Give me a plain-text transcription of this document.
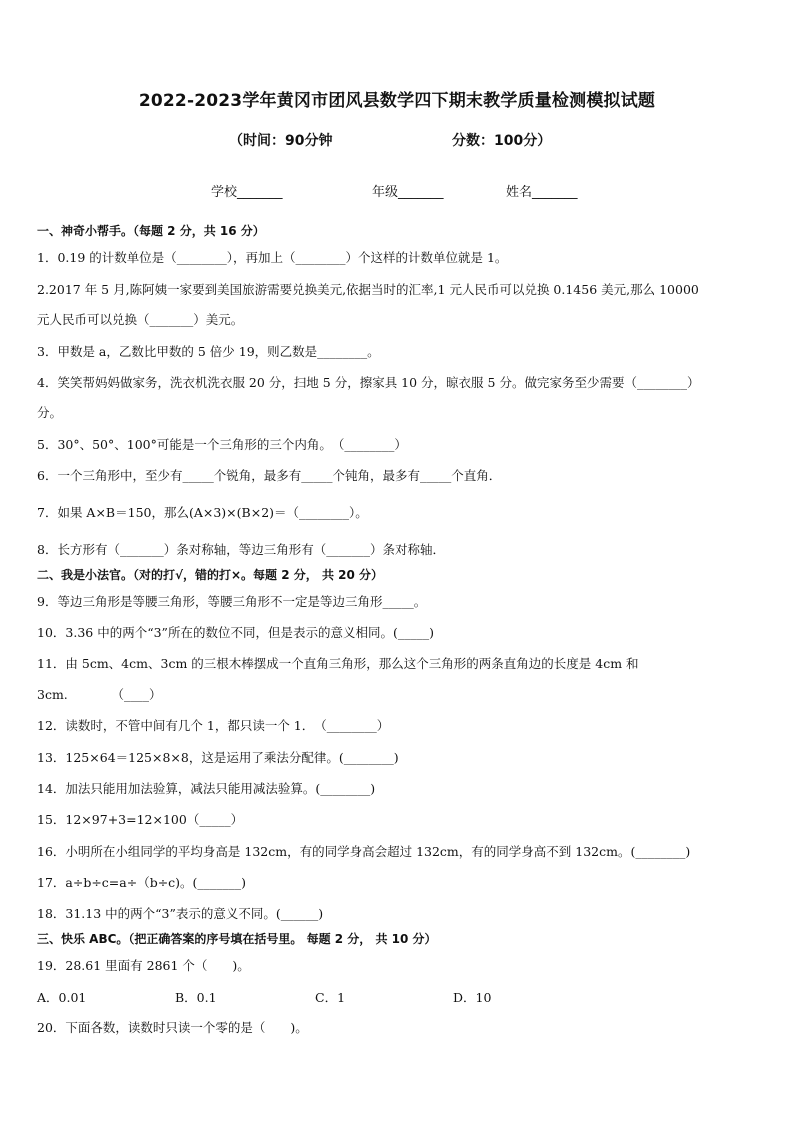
2022-2023学年黄冈市团风县数学四下期末教学质量检测模拟试题
（时间：90分钟	分数：100分）
学校_______	年级_______	姓名_______
一、神奇小帮手。（每题 2 分，共 16 分）
1．0.19 的计数单位是（________），再加上（________）个这样的计数单位就是 1。
2.2017 年 5 月,陈阿姨一家要到美国旅游需要兑换美元,依据当时的汇率,1 元人民币可以兑换 0.1456 美元,那么 10000
元人民币可以兑换（_______）美元。
3．甲数是 a，乙数比甲数的 5 倍少 19，则乙数是________。
4．笑笑帮妈妈做家务，洗衣机洗衣服 20 分，扫地 5 分，擦家具 10 分，晾衣服 5 分。做完家务至少需要（________）
分。
5．30°、50°、100°可能是一个三角形的三个内角。　（________）
6．一个三角形中，至少有_____个锐角，最多有_____个钝角，最多有_____个直角．
7．如果 A×B＝150，那么(A×3)×(B×2)＝（________）。
8．长方形有（_______）条对称轴，等边三角形有（_______）条对称轴．
二、我是小法官。（对的打√，错的打×。每题 2 分， 共 20 分）
9．等边三角形是等腰三角形，等腰三角形不一定是等边三角形_____。
10．3.36 中的两个“3”所在的数位不同，但是表示的意义相同。(_____)
11．由 5cm、4cm、3cm 的三根木棒摆成一个直角三角形，那么这个三角形的两条直角边的长度是 4cm 和
3cm.　　　　（____）
12．读数时，不管中间有几个 1，都只读一个 1．　（________）
13．125×64＝125×8×8，这是运用了乘法分配律。(________)
14．加法只能用加法验算，减法只能用减法验算。(________)
15．12×97+3=12×100（_____）
16．小明所在小组同学的平均身高是 132cm，有的同学身高会超过 132cm，有的同学身高不到 132cm。(________)
17．a÷b÷c=a÷（b÷c)。(_______)
18．31.13 中的两个“3”表示的意义不同。(______)
三、快乐 ABC。（把正确答案的序号填在括号里。 每题 2 分， 共 10 分）
19．28.61 里面有 2861 个（　　)。
A．0.01	B．0.1	C．1	D．10
20．下面各数，读数时只读一个零的是（　　)。
